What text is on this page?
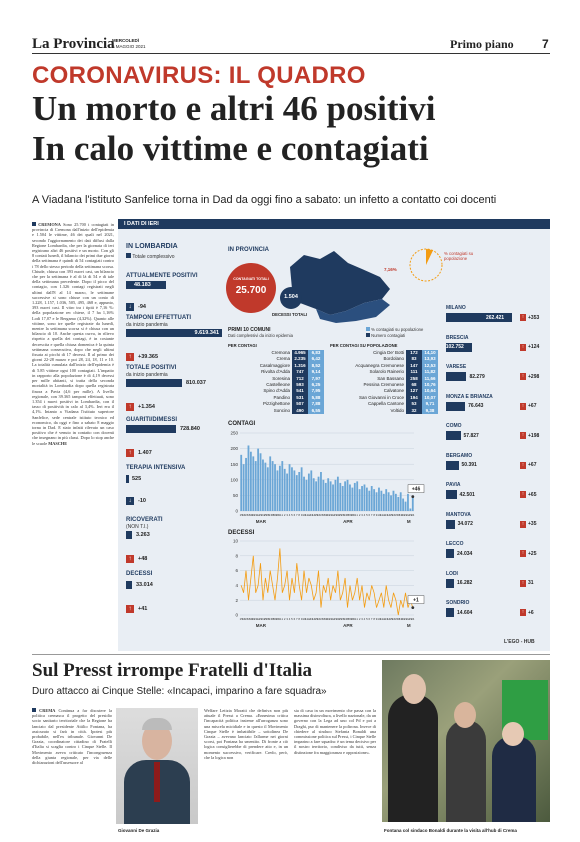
La Provincia
MERCOLEDÌ
5 MAGGIO 2021	Primo piano 7
CORONAVIRUS: IL QUADRO
Un morto e altri 46 positivi
In calo vittime e contagiati
A Viadana l'istituto Sanfelice torna in Dad da oggi fino a sabato: un infetto a contatto coi docenti
CREMONA Sono 25.700 i contagiati in provincia di Cremona dall'inizio dell'epidemia e 1.504 le vittime, 46 dei quali nel 2021, secondo l'aggiornamento dei dati diffusi dalla Regione Lombardia, che per la giornata di ieri registrano altri 46 positivi e un morto. Con gli 8 contati lunedì, il bilancio dei primi due giorni della settimana è quindi di 54 contagiati contro i 78 dello stesso periodo della settimana scorsa. Chiude, chiusa con 393 nuovi casi, un bilancio che per la settimana è al di là di 54 e di tale della settimana precedente. Dopo il picco del contagio, con 1.326 contagi registrati negli ultimi dall'8 al 14 marzo, le settimane successive si sono chiuse con un conto di 1.228, 1.157, 1.036, 505, 495, 468 e, appunto, 393 nuovi casi. Il vitro tra i tipiti è 7,16 %: della popolazione rec chiese, il 7 ha 1,16% Lodi 17,07 e le Bergamo (4,32%). Quanto alle vittime, sono tre quelle registrate da lunedì, mentre la settimana scorsa si è chiusa con un bilancio di 10. Anche questa curva, in rilievo rispetto a quella dei contagi, è in costante decrescita e quella chiusa domenica è la quinta settimana consecutiva, dopo che negli ultimi fissata ai picchi di 17 decessi. Il al primo dei giorni 22-28 marzo e poi 28, 24, 18, 11 e 10. La totalità cumulata dall'inizio dell'epidemia è di 5.85 vittime ogni 100 contagiati. L'impatto in rapporto alla popolazione è di 4,19 decessi per mille abitanti, si tratta della seconda mortalità in Lombardia dopo quella registrata finora a Pavia (4,6 per mille). A livello regionale, con 39.365 tamponi effettuati, sono 1.354 i nuovi positivi in Lombardia, con il tasso di positività in calo al 3,4%. Ieri era il 4,1%. Intanto a Viadana l'istituto superiore Sanfelice, sede centrale istituto tecnico ed economico, da oggi e fino a sabato 8 maggio torna in Dad. E stato infatti rilevato un caso positivo che è venuto in contatto con docenti che insegnano in più classi. Dopo lo stop anche le scuole MASCHE
I DATI DI IERI
IN LOMBARDIA
Totale complessivo
ATTUALMENTE POSITIVI
48.183
↓ -94
TAMPONI EFFETTUATI
da inizio pandemia
9.619.341
↑ +39.365
TOTALE POSITIVI
da inizio pandemia
810.037
↑ +1.354
GUARITI/DIMESSI
728.840
↑ 1.407
TERAPIA INTENSIVA
525
↓ -10
RICOVERATI
(NON T.I.)
3.263
↑ +48
DECESSI
33.014
↑ +41
IN PROVINCIA
% contagiati su popolazione
7,16%
CONTAGIATI TOTALI
25.700
1.504
DECESSI TOTALI
PRIMI 10 COMUNI
Dati complessivi da inizio epidemia
% contagiati su popolazione
Numero contagiati
PER CONTAGI	PER CONTAGI SU POPOLAZIONE
Cremona	4.965	6,83
Crema	2.235	6,42
Casalmaggiore	1.316	8,52
Rivolta d'Adda	747	9,14
Soresina	712	7,97
Castelleone	593	6,25
Spino d'Adda	541	7,95
Pandino	531	5,88
Pizzighettone	507	7,88
Soncino	490	6,55
Cingia De' Botti	172	14,10
Bordolano	83	13,93
Acquanegra Cremonese	147	12,53
Solarolo Rainerio	111	11,82
San Bassano	258	11,66
Pessina Cremonese	68	10,76
Calvatone	127	10,64
San Giovanni in Croce	194	10,07
Cappella Cantone	53	9,71
Voltido	32	9,38
CONTAGI
0
50
100
150
200
250
15 16 17 18 19 20 21 22 23 24 25 26 27 28 29 30 31 1 2 3 4 5 6 7 8 9 10 11 12 13 14 15 16 17 18 19 20 21 22 23 24 25 26 27 28 29 30 31 1 2 3 4 5 6 7 8 9 10 11 12 13 14 15 16 17 18 19 20 21 22 23 24
MAR	APR	M
+46
DECESSI
0
2
4
6
8
10
15 16 17 18 19 20 21 22 23 24 25 26 27 28 29 30 31 1 2 3 4 5 6 7 8 9 10 11 12 13 14 15 16 17 18 19 20 21 22 23 24 25 26 27 28 29 30 31 1 2 3 4 5 6 7 8 9 10 11 12 13 14 15 16 17 18 19 20 21 22 23 24
MAR	APR	M
+1
MILANO
262.421	↑ +353
BRESCIA
102.752	↑ +124
VARESE
82.279	↑ +298
MONZA E BRIANZA
76.643	↑ +67
COMO
57.827	↑ +198
BERGAMO
50.391	↑ +67
PAVIA
42.501	↑ +65
MANTOVA
34.072	↑ +35
LECCO
24.034	↑ +25
LODI
16.282	↑ 31
SONDRIO
14.604	↑ +6
L'EGO - HUB
Sul Presst irrompe Fratelli d'Italia
Duro attacco ai Cinque Stelle: «Incapaci, imparino a fare squadra»
CREMA Continua a far discutere la politica cremasca il progetto del presidio socio sanitario territoriale che la Regione ha lanciato dal presidente Attilio Fontana, ha assicurato si farà in città. Ipotesi più probabile, nell'ex tribunale. Giovanni De Grazia, coordinatore cittadino di Fratelli d'Italia si scaglia contro i Cinque Stelle. Il Movimento aveva criticato l'incongruenza della giunta regionale, per via delle dichiarazioni dell'assessore al
Giovanni De Grazia
Welfare Letizia Moratti che definiva non più attuale il Presst a Crema. «Ennesima critica l'incapacità politica insieme all'arroganza sono una miscela micidiale e in questo il Movimento Cinque Stelle è imbattibile – sottolinea De Grazia – avevano lanciato l'allarme nei giorni scorsi, poi Fontana ha smentito. Di fronte a ciò logica consiglierebbe di prendere atto e, in un momento successivo, verificare. Credo, però, che la logica non
sia di casa in un movimento che passa con la massima disinvoltura, a livello nazionale, da un governo con la Lega ad uno col Pd e poi a Draghi, pur di mantenere la poltrona. Invece di chiedere al sindaco Stefania Bonaldi una commissione politica sul Presst, i Cinque Stelle imparino a fare squadra: è un tema decisivo per il nostro territorio, condiviso da tutti, senza distinzione fra maggioranza e opposizione».
Fontana col sindaco Bonaldi durante la visita all'hub di Crema
